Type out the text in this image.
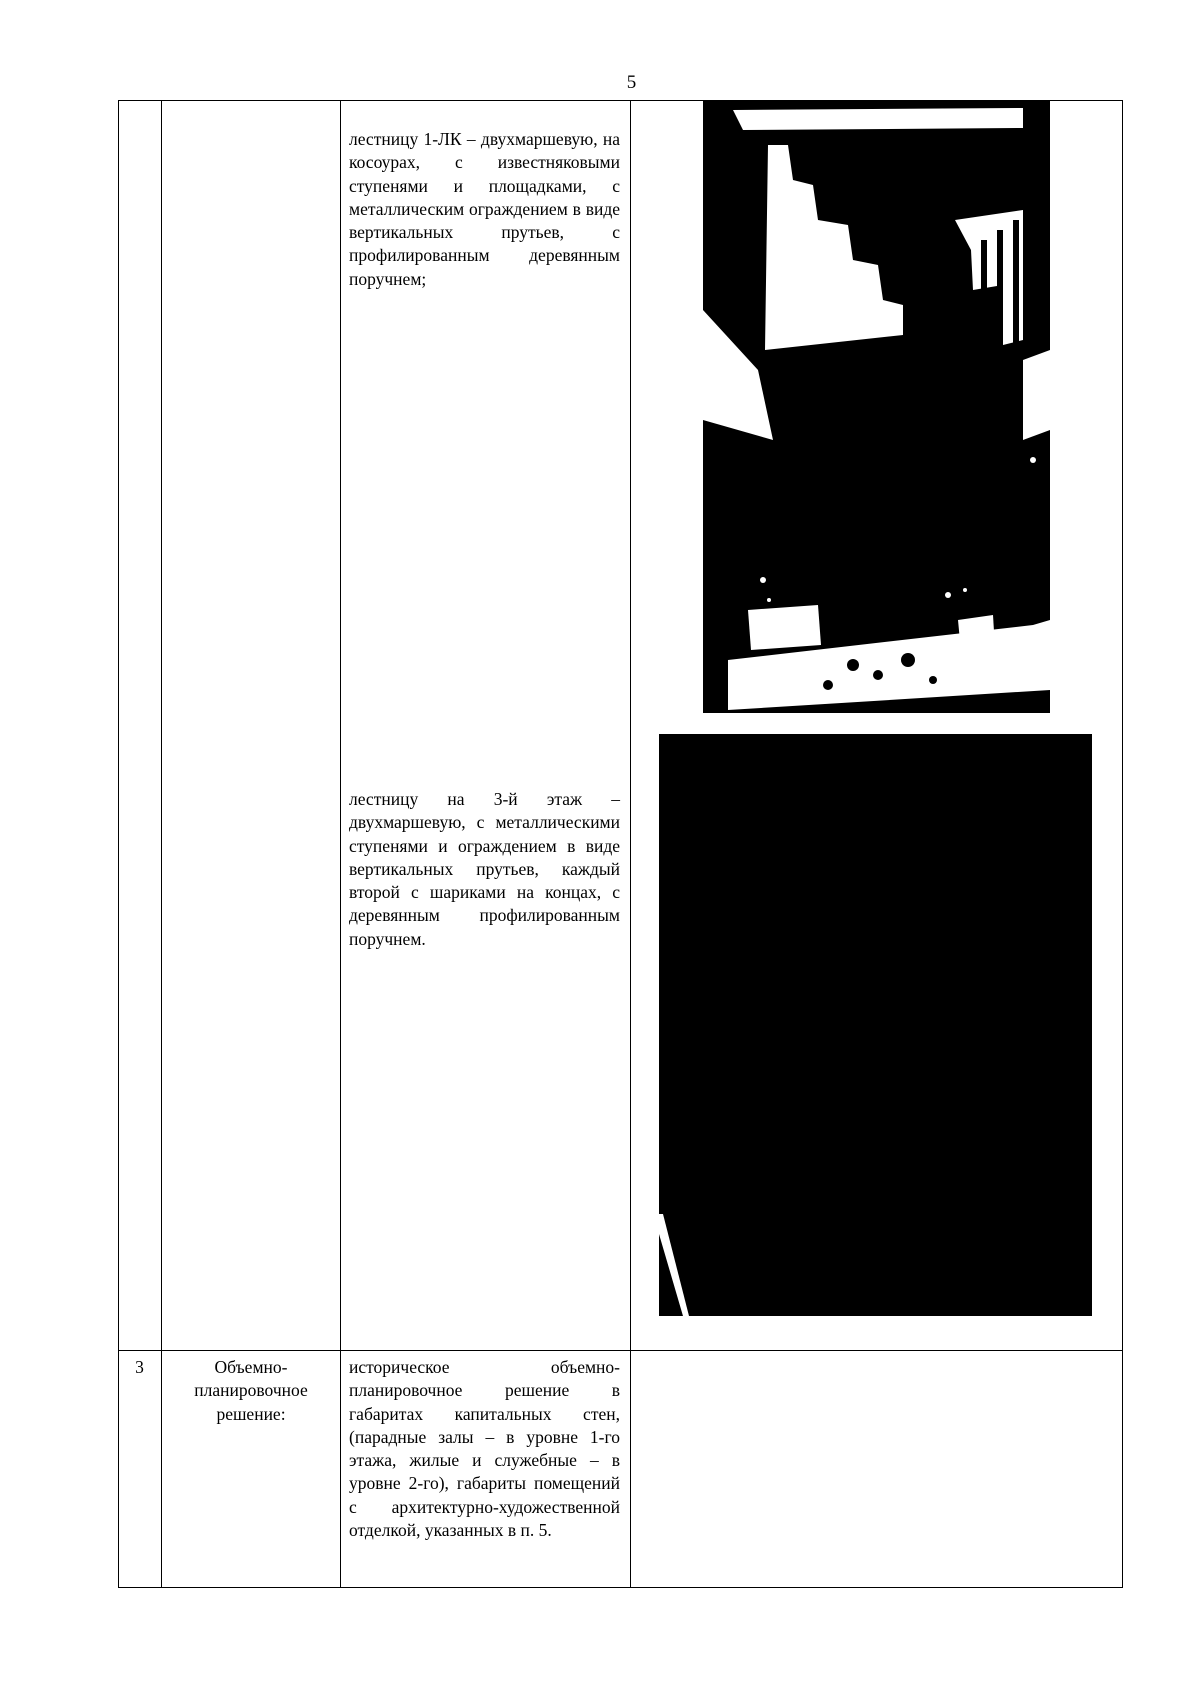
5
лестницу 1-ЛК – двухмаршевую, на косоурах, с известняковыми ступенями и площадками, с металлическим ограждением в виде вертикальных прутьев, с профилированным деревянным поручнем;
лестницу на 3-й этаж – двухмаршевую, с металлическими ступенями и ограждением в виде вертикальных прутьев, каждый второй с шариками на концах, с деревянным профилированным поручнем.
3	Объемно-планировочное решение:
историческое объемно-планировочное решение в габаритах капитальных стен, (парадные залы – в уровне 1-го этажа, жилые и служебные – в уровне 2-го), габариты помещений с архитектурно-художественной отделкой, указанных в п. 5.
